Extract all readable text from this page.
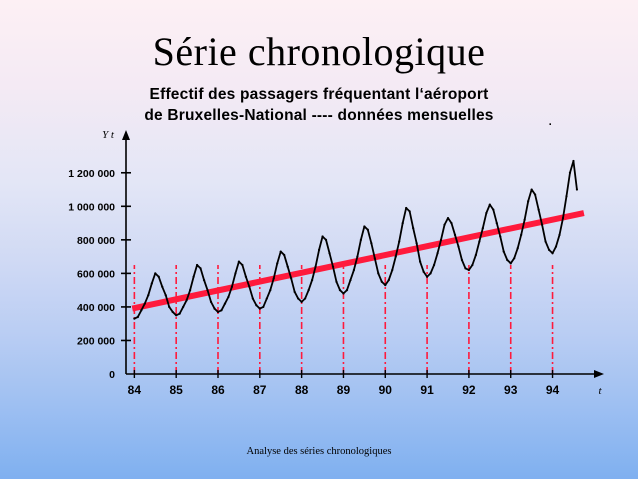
Série chronologique
Effectif des passagers fréquentant l‘aéroport
de Bruxelles-National ---- données mensuelles	.
0
200 000
400 000
600 000
800 000
1 000 000
1 200 000
84 85 86 87 88 89 90 91 92 93 94
Y t
t
Analyse des séries chronologiques
